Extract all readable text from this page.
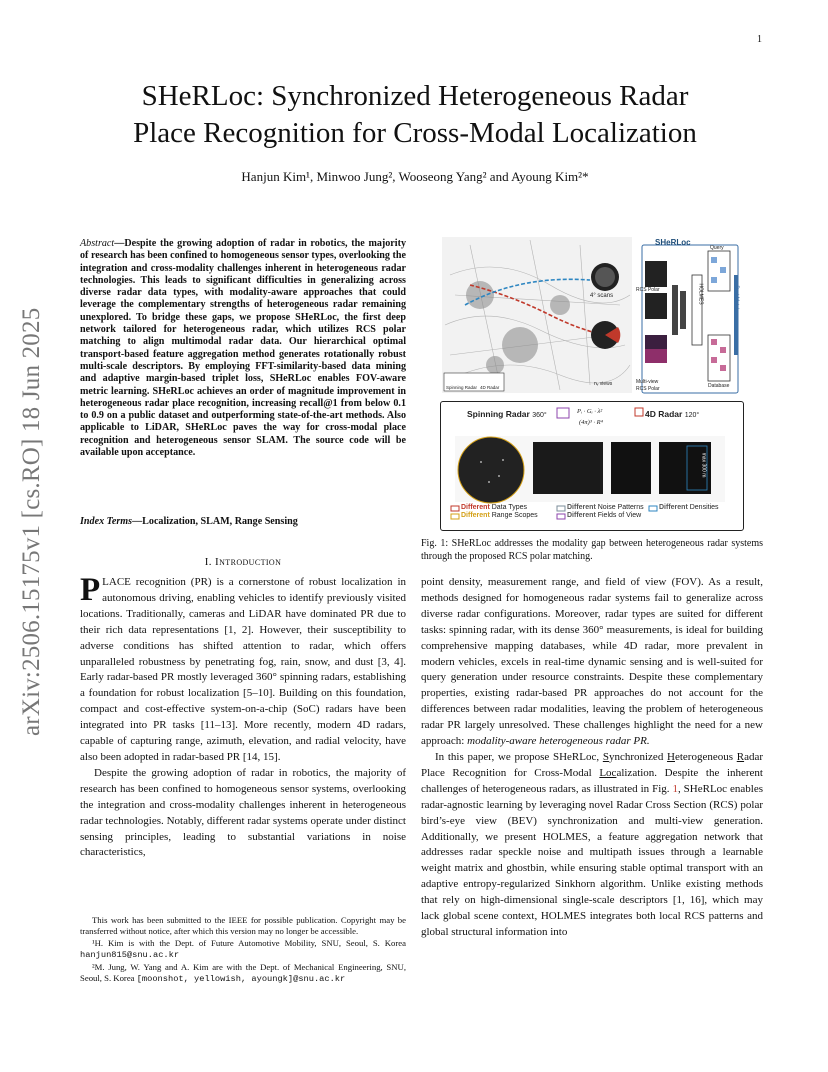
1
arXiv:2506.15175v1 [cs.RO] 18 Jun 2025
SHeRLoc: Synchronized Heterogeneous Radar
Place Recognition for Cross-Modal Localization
Hanjun Kim¹, Minwoo Jung², Wooseong Yang² and Ayoung Kim²*
Abstract—Despite the growing adoption of radar in robotics, the majority of research has been confined to homogeneous sensor types, overlooking the integration and cross-modality challenges inherent in heterogeneous radar technologies. This leads to significant difficulties in generalizing across diverse radar data types, with modality-aware approaches that could leverage the complementary strengths of heterogeneous radar remaining unexplored. To bridge these gaps, we propose SHeRLoc, the first deep network tailored for heterogeneous radar, which utilizes RCS polar matching to align multimodal radar data. Our hierarchical optimal transport-based feature aggregation method generates rotationally robust multi-scale descriptors. By employing FFT-similarity-based data mining and adaptive margin-based triplet loss, SHeRLoc enables FOV-aware metric learning. SHeRLoc achieves an order of magnitude improvement in heterogeneous radar place recognition, increasing recall@1 from below 0.1 to 0.9 on a public dataset and outperforming state-of-the-art methods. Also applicable to LiDAR, SHeRLoc paves the way for cross-modal place recognition and heterogeneous sensor SLAM. The source code will be available upon acceptance.
Index Terms—Localization, SLAM, Range Sensing
I. Introduction

PLACE recognition (PR) is a cornerstone of robust localization in autonomous driving, enabling vehicles to identify previously visited locations. Traditionally, cameras and LiDAR have dominated PR due to their rich data representations [1, 2]. However, their susceptibility to adverse conditions has shifted attention to radar, which offers unparalleled robustness by penetrating fog, rain, snow, and dust [3, 4]. Early radar-based PR mostly leveraged 360° spinning radars, establishing a foundation for robust localization [5–10]. Building on this foundation, compact and cost-effective system-on-a-chip (SoC) radars have been integrated into PR tasks [11–13]. More recently, modern 4D radars, capable of capturing range, azimuth, elevation, and radial velocity, have also been adopted in radar-based PR [14, 15].

Despite the growing adoption of radar in robotics, the majority of research has been confined to homogeneous sensor systems, overlooking the integration and cross-modality challenges inherent in heterogeneous radar technologies. Notably, different radar systems operate under distinct sensing principles, leading to substantial variations in noise characteristics,

This work has been submitted to the IEEE for possible publication. Copyright may be transferred without notice, after which this version may no longer be accessible.

¹H. Kim is with the Dept. of Future Automotive Mobility, SNU, Seoul, S. Korea hanjun815@snu.ac.kr

²M. Jung, W. Yang and A. Kim are with the Dept. of Mechanical Engineering, SNU, Seoul, S. Korea [moonshot, yellowish, ayoungk]@snu.ac.kr

SHeRLoc
4° scans
RCS Polar	HOLMES
Query
Best Match
Database
nᵥ views	Multi-view
RCS Polar
Spinning Radar 4D Radar
Spinning Radar 360°	4D Radar 120°
Pᵢ · Gᵢ · λ²
(4π)³ · R⁴
max 300 m
Different Data Types
Different Range Scopes
Different Noise Patterns
Different Fields of View
Different Densities
Fig. 1: SHeRLoc addresses the modality gap between heterogeneous radar systems through the proposed RCS polar matching.

point density, measurement range, and field of view (FOV). As a result, methods designed for homogeneous radar systems fail to generalize across diverse radar configurations. Moreover, radar types are suited for different tasks: spinning radar, with its dense 360° measurements, is ideal for building comprehensive mapping databases, while 4D radar, more prevalent in modern vehicles, excels in real-time dynamic sensing and is well-suited for query generation under resource constraints. Despite these complementary properties, existing radar-based PR approaches do not account for the differences between radar modalities, leaving the problem of heterogeneous radar PR largely unresolved. These challenges highlight the need for a new approach: modality-aware heterogeneous radar PR.

In this paper, we propose SHeRLoc, Synchronized Heterogeneous Radar Place Recognition for Cross-Modal Localization. Despite the inherent challenges of heterogeneous radars, as illustrated in Fig. 1, SHeRLoc enables radar-agnostic learning by leveraging novel Radar Cross Section (RCS) polar bird’s-eye view (BEV) synchronization and multi-view generation. Additionally, we present HOLMES, a feature aggregation network that addresses radar speckle noise and multipath issues through a learnable weight matrix and ghostbin, while ensuring stable optimal transport with an adaptive entropy-regularized Sinkhorn algorithm. Unlike existing methods that rely on high-dimensional single-scale descriptors [1, 16], which may lack global scene context, HOLMES integrates both local RCS patterns and global structural information into
